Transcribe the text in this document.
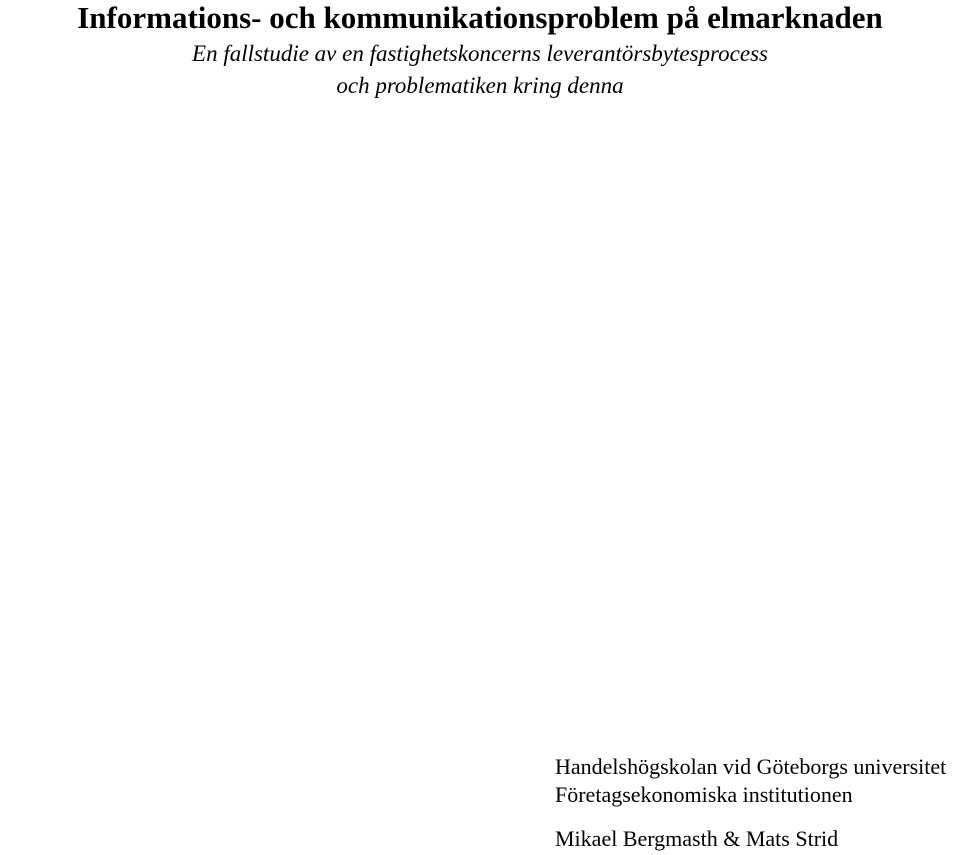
Informations- och kommunikationsproblem på elmarknaden
En fallstudie av en fastighetskoncerns leverantörsbytesprocess
och problematiken kring denna
Handelshögskolan vid Göteborgs universitet
Företagsekonomiska institutionen
Mikael Bergmasth & Mats Strid
